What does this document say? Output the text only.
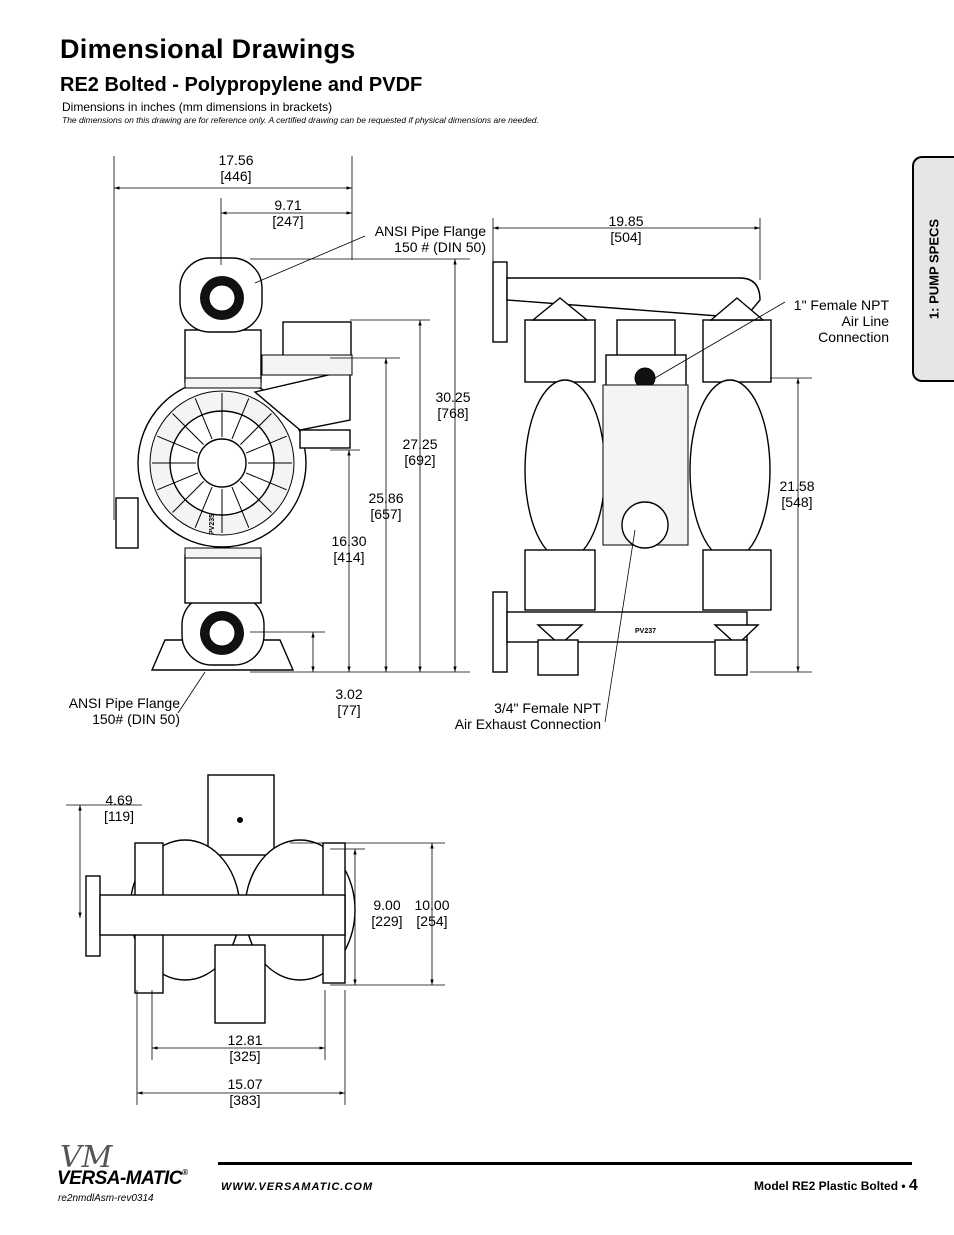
Dimensional Drawings
RE2 Bolted - Polypropylene and PVDF
Dimensions in inches (mm dimensions in brackets)
The dimensions on this drawing are for reference only. A certified drawing can be requested if physical dimensions are needed.
1: PUMP SPECS
PV235
PV237
17.56
[446]
9.71
[247]	19.85
[504]
30.25
[768]
27.25
[692]
25.86
[657]
16.30
[414]
3.02
[77]
21.58
[548]
4.69
[119]
9.00
[229]
10.00
[254]
12.81
[325]
15.07
[383]
ANSI Pipe Flange
150 # (DIN 50)
ANSI Pipe Flange
150# (DIN 50)
1" Female NPT
Air Line
Connection
3/4" Female NPT
Air Exhaust Connection
VM
VERSA-MATIC®
re2nmdlAsm-rev0314
WWW.VERSAMATIC.COM	Model RE2 Plastic Bolted • 4
